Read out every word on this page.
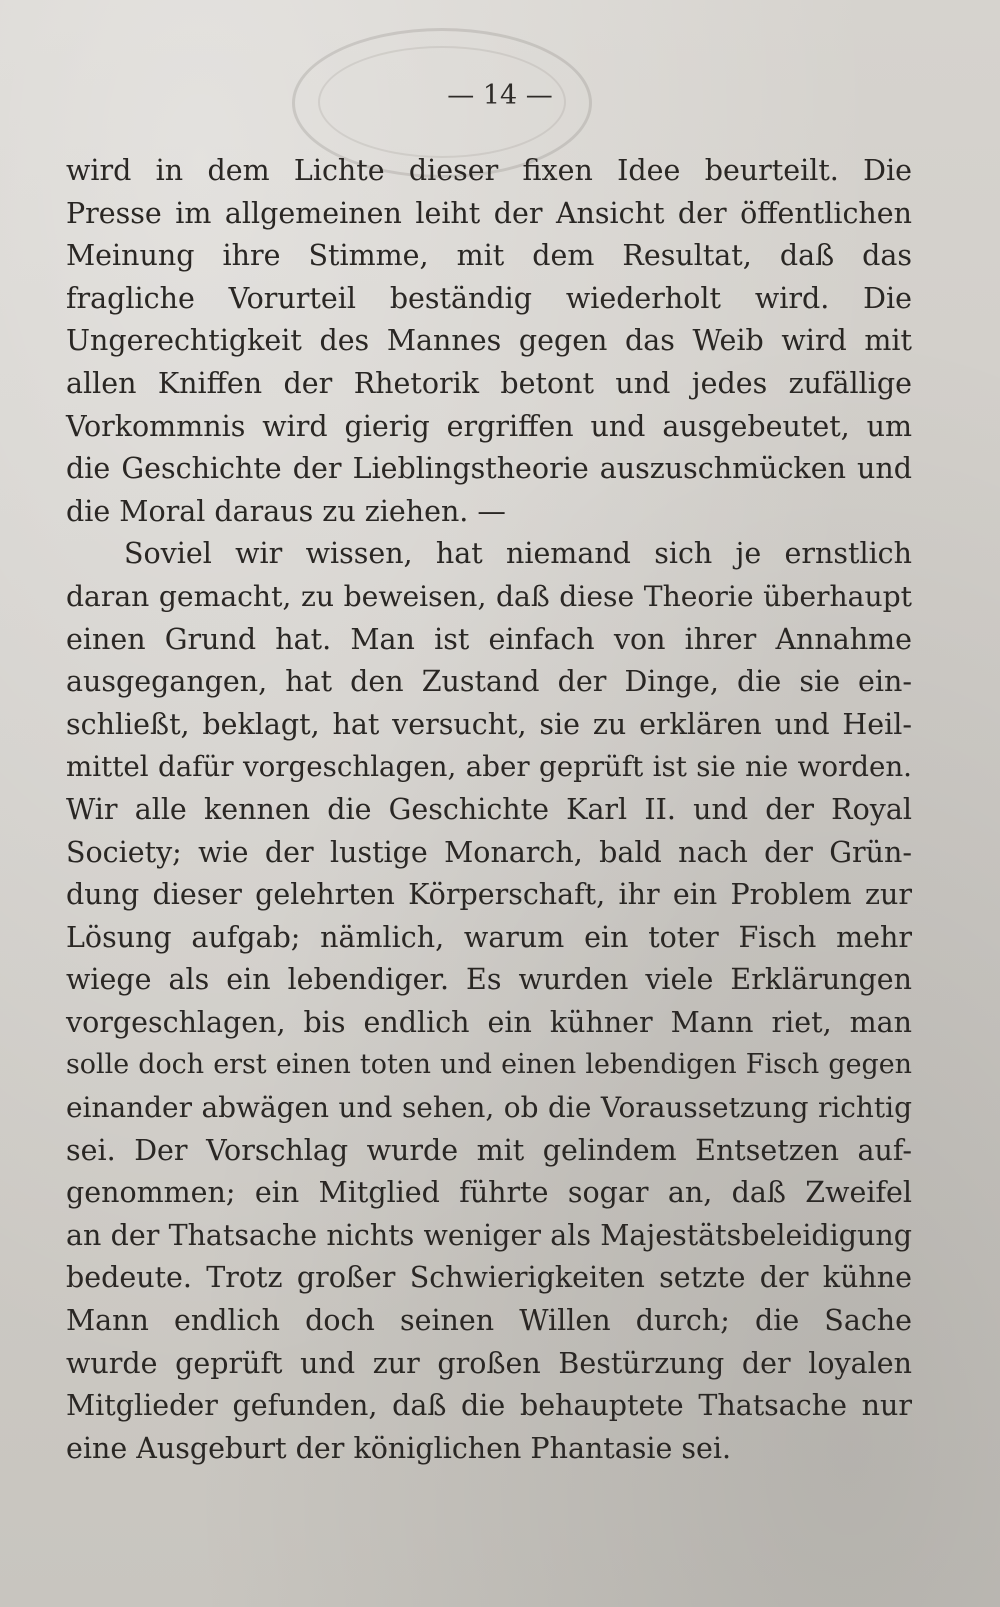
— 14 —
wird in dem Lichte dieser fixen Idee beurteilt. Die
Presse im allgemeinen leiht der Ansicht der öffentlichen
Meinung ihre Stimme, mit dem Resultat, daß das
fragliche Vorurteil beständig wiederholt wird. Die
Ungerechtigkeit des Mannes gegen das Weib wird mit
allen Kniffen der Rhetorik betont und jedes zufällige
Vorkommnis wird gierig ergriffen und ausgebeutet, um
die Geschichte der Lieblingstheorie auszuschmücken und
die Moral daraus zu ziehen. —
Soviel wir wissen, hat niemand sich je ernstlich
daran gemacht, zu beweisen, daß diese Theorie überhaupt
einen Grund hat. Man ist einfach von ihrer Annahme
ausgegangen, hat den Zustand der Dinge, die sie ein-
schließt, beklagt, hat versucht, sie zu erklären und Heil-
mittel dafür vorgeschlagen, aber geprüft ist sie nie worden.
Wir alle kennen die Geschichte Karl II. und der Royal
Society; wie der lustige Monarch, bald nach der Grün-
dung dieser gelehrten Körperschaft, ihr ein Problem zur
Lösung aufgab; nämlich, warum ein toter Fisch mehr
wiege als ein lebendiger. Es wurden viele Erklärungen
vorgeschlagen, bis endlich ein kühner Mann riet, man
solle doch erst einen toten und einen lebendigen Fisch gegen
einander abwägen und sehen, ob die Voraussetzung richtig
sei. Der Vorschlag wurde mit gelindem Entsetzen auf-
genommen; ein Mitglied führte sogar an, daß Zweifel
an der Thatsache nichts weniger als Majestätsbeleidigung
bedeute. Trotz großer Schwierigkeiten setzte der kühne
Mann endlich doch seinen Willen durch; die Sache
wurde geprüft und zur großen Bestürzung der loyalen
Mitglieder gefunden, daß die behauptete Thatsache nur
eine Ausgeburt der königlichen Phantasie sei.
